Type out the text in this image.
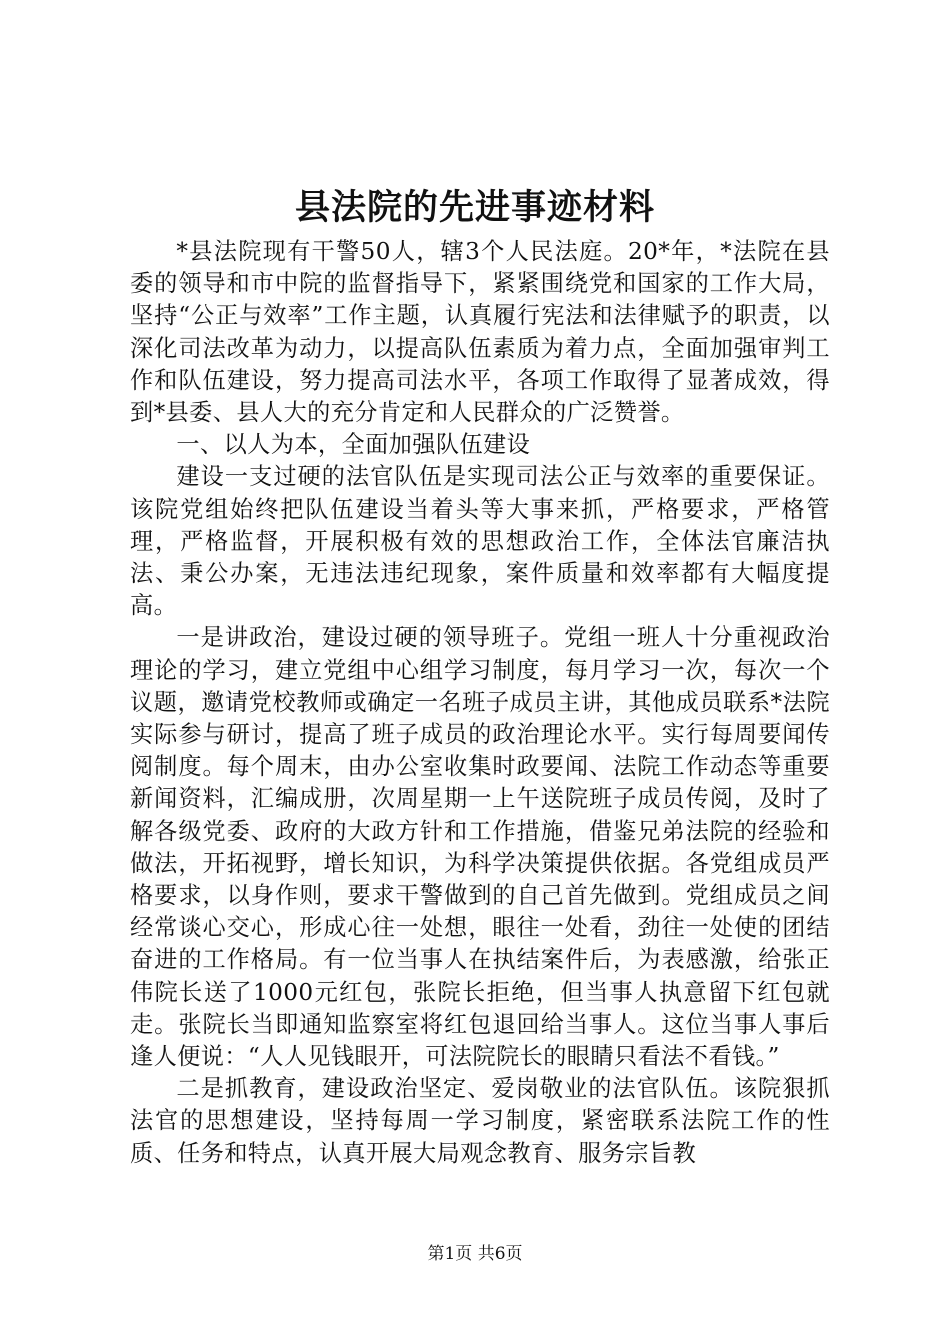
县法院的先进事迹材料

*县法院现有干警50人，辖3个人民法庭。20*年，*法院在县委的领导和市中院的监督指导下，紧紧围绕党和国家的工作大局，坚持“公正与效率”工作主题，认真履行宪法和法律赋予的职责，以深化司法改革为动力，以提高队伍素质为着力点，全面加强审判工作和队伍建设，努力提高司法水平，各项工作取得了显著成效，得到*县委、县人大的充分肯定和人民群众的广泛赞誉。

一、以人为本，全面加强队伍建设

建设一支过硬的法官队伍是实现司法公正与效率的重要保证。该院党组始终把队伍建设当着头等大事来抓，严格要求，严格管理，严格监督，开展积极有效的思想政治工作，全体法官廉洁执法、秉公办案，无违法违纪现象，案件质量和效率都有大幅度提高。

一是讲政治，建设过硬的领导班子。党组一班人十分重视政治理论的学习，建立党组中心组学习制度，每月学习一次，每次一个议题，邀请党校教师或确定一名班子成员主讲，其他成员联系*法院实际参与研讨，提高了班子成员的政治理论水平。实行每周要闻传阅制度。每个周末，由办公室收集时政要闻、法院工作动态等重要新闻资料，汇编成册，次周星期一上午送院班子成员传阅，及时了解各级党委、政府的大政方针和工作措施，借鉴兄弟法院的经验和做法，开拓视野，增长知识，为科学决策提供依据。各党组成员严格要求，以身作则，要求干警做到的自己首先做到。党组成员之间经常谈心交心，形成心往一处想，眼往一处看，劲往一处使的团结奋进的工作格局。有一位当事人在执结案件后，为表感激，给张正伟院长送了1000元红包，张院长拒绝，但当事人执意留下红包就走。张院长当即通知监察室将红包退回给当事人。这位当事人事后逢人便说：“人人见钱眼开，可法院院长的眼睛只看法不看钱。”

二是抓教育，建设政治坚定、爱岗敬业的法官队伍。该院狠抓法官的思想建设，坚持每周一学习制度，紧密联系法院工作的性质、任务和特点，认真开展大局观念教育、服务宗旨教

第1页 共6页
